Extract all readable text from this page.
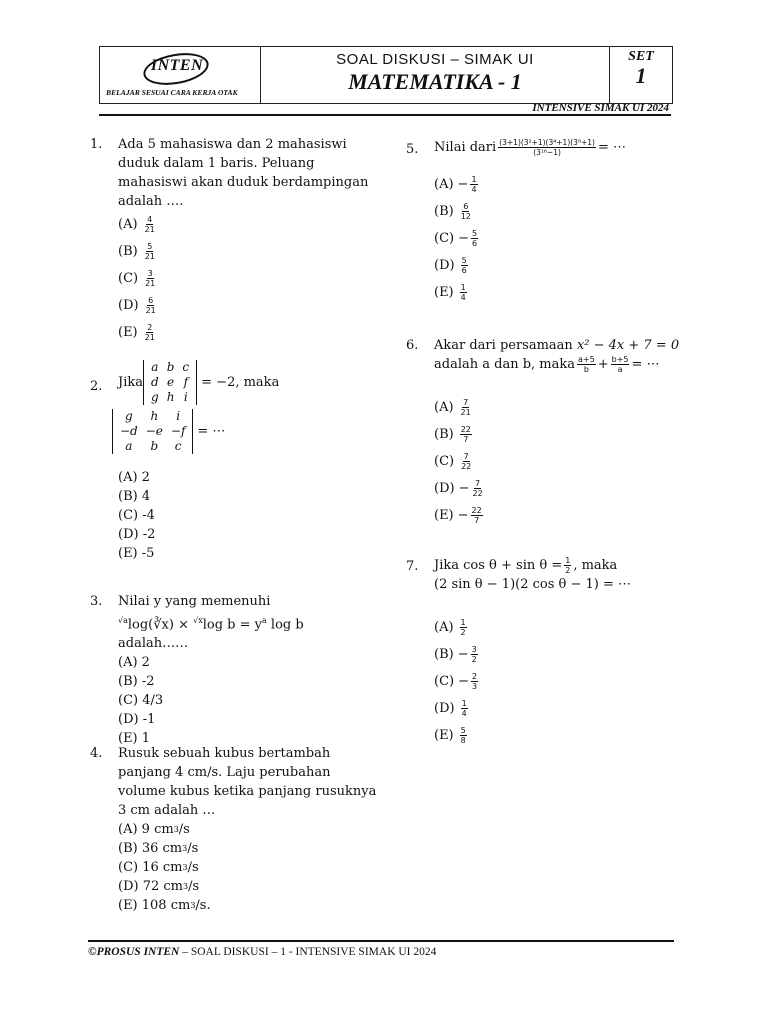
INTEN
BELAJAR SESUAI CARA KERJA OTAK
SOAL DISKUSI – SIMAK UI
MATEMATIKA - 1
SET
1
INTENSIVE SIMAK UI 2024
1. Ada 5 mahasiswa dan 2 mahasiswi
duduk dalam 1 baris. Peluang
mahasiswi akan duduk berdampingan
adalah ….
$(A) \frac{4}{21}$
$(B) \frac{5}{21}$
$(C) \frac{3}{21}$
$(D) \frac{6}{21}$
$(E) \frac{2}{21}$
2. Jika
a	b	c
d	e	f
g	h	i
= −2, maka
g	h	i
−d	−e	−f
a	b	c
= ⋯
(A) 2
(B) 4
(C) -4
(D) -2
(E) -5
3. Nilai y yang memenuhi
$^{√a}$log(∛x) × $^{√x}$log $b = y^a$ log b
adalah……
(A) 2
(B) -2
(C) 4/3
(D) -1
(E) 1
4. Rusuk sebuah kubus bertambah
panjang 4 cm/s. Laju perubahan
volume kubus ketika panjang rusuknya
3 cm adalah …
(A) 9 cm 3 /s
(B) 36 cm 3 /s
(C) 16 cm 3 /s
(D) 72 cm 3 /s
(E) 108 cm 3 /s.
5. Nilai dari $\frac{\text{(3+1)(3²+1)(3⁴+1)(3⁸+1)}}{\text{(3¹⁶−1)}}$ = ⋯
$(A) - \frac{1}{4}$
$(B) \frac{6}{12}$
$(C) - \frac{5}{6}$
$(D) \frac{5}{6}$
$(E) \frac{1}{4}$
6. Akar dari persamaan x² − 4x + 7 = 0
adalah a dan b, maka $\frac{a+5}{b} + \frac{b+5}{a}$ = ⋯
$(A) \frac{7}{21}$
$(B) \frac{22}{7}$
$(C) \frac{7}{22}$
$(D) - \frac{7}{22}$
$(E) - \frac{22}{7}$
7. Jika $\cos \theta + \sin \theta = \frac{1}{2}$ , maka
(2 sin θ − 1)(2 cos θ − 1) = ⋯
$(A) \frac{1}{2}$
$(B) - \frac{3}{2}$
$(C) - \frac{2}{3}$
$(D) \frac{1}{4}$
$(E) \frac{5}{8}$
©PROSUS INTEN – SOAL DISKUSI – 1 - INTENSIVE SIMAK UI 2024
